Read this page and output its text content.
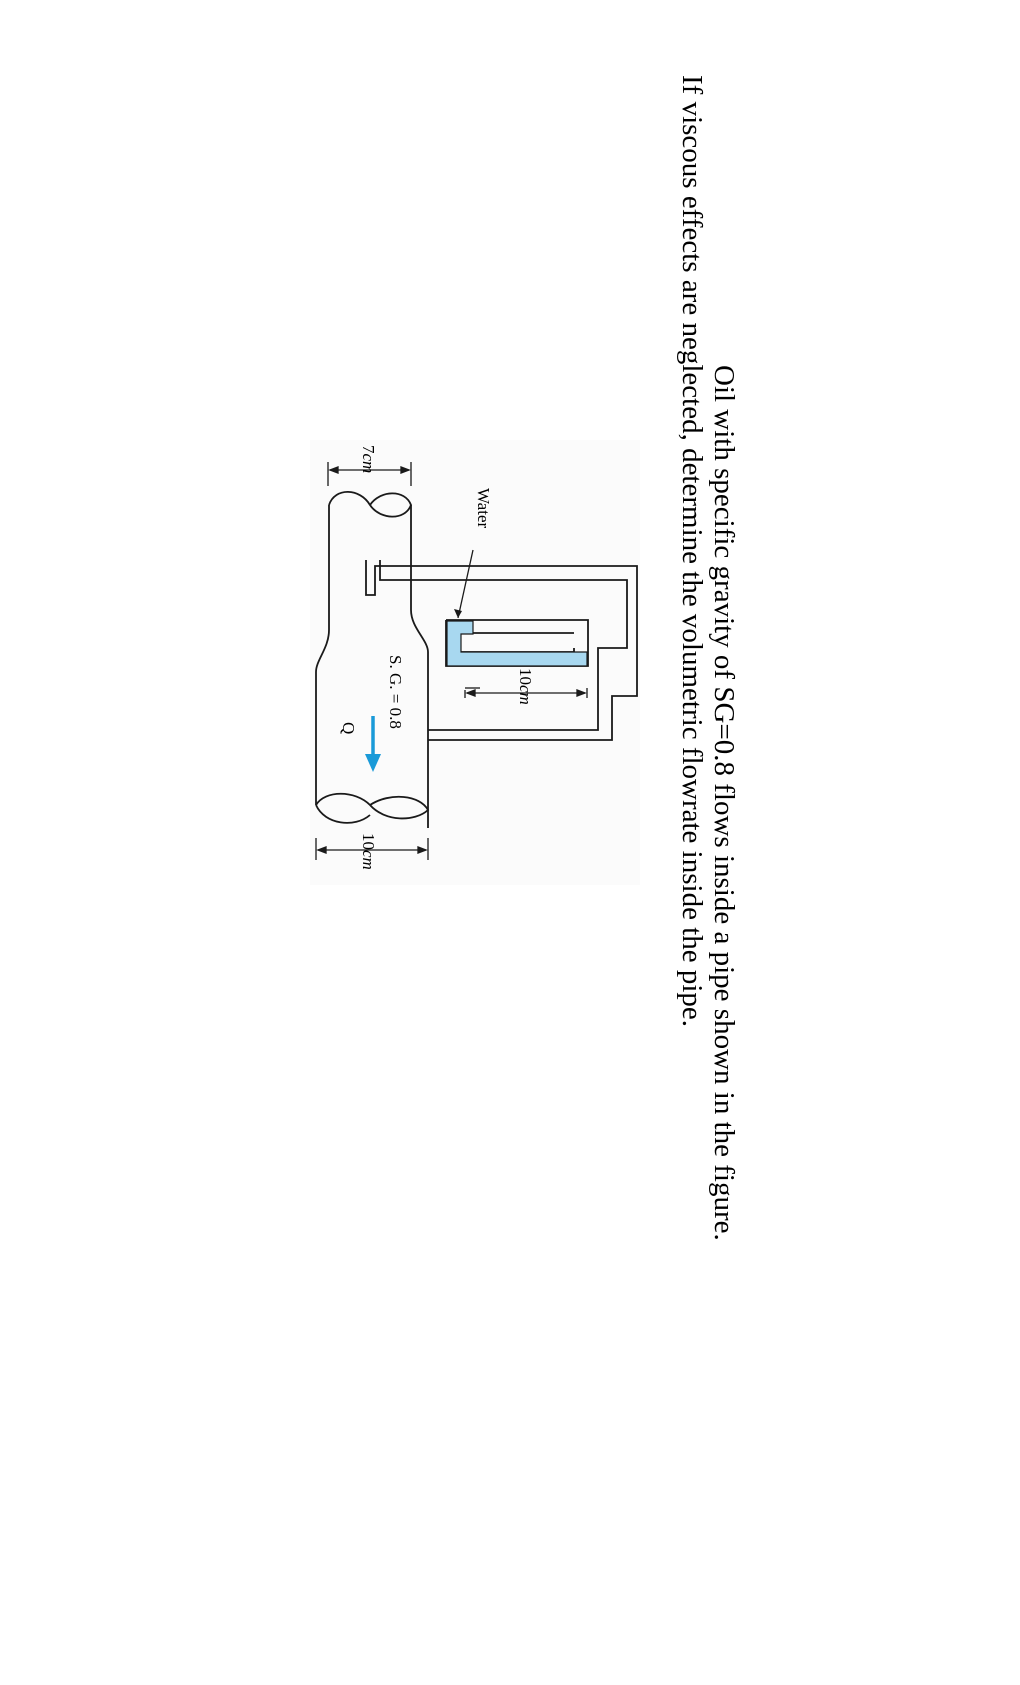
Oil with specific gravity of SG=0.8 flows inside a pipe shown in the figure.
If viscous effects are neglected, determine the volumetric flowrate inside the pipe.
Water
10cm
S. G. = 0.8
Q
7cm
10cm
